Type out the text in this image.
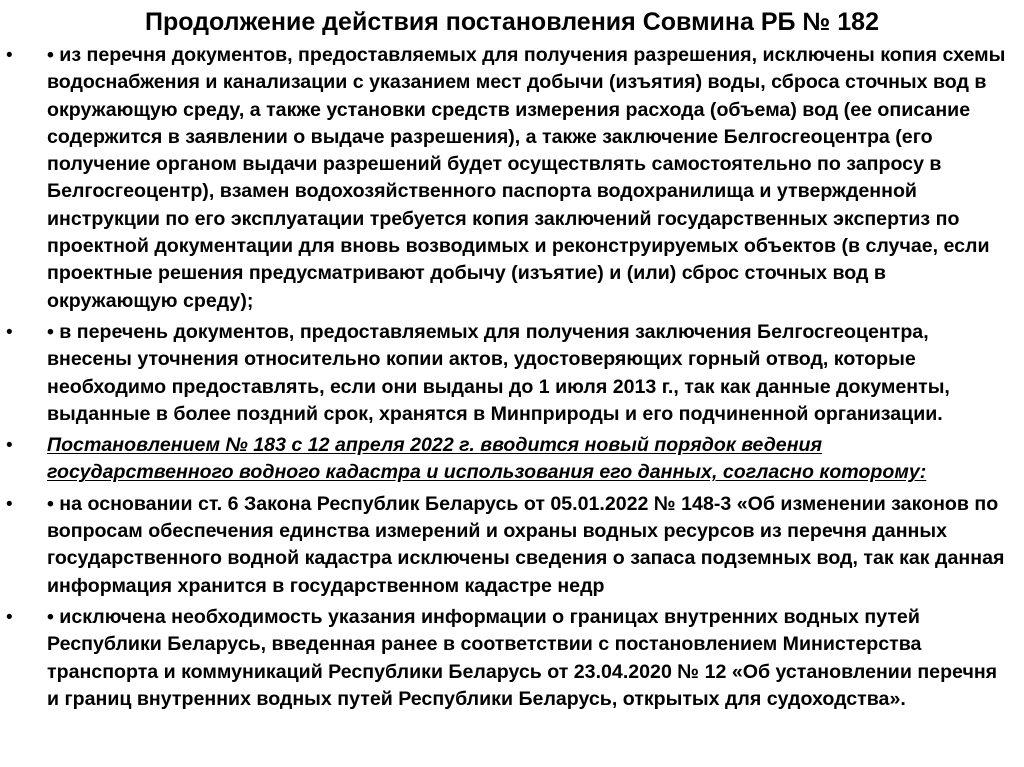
Продолжение действия постановления Совмина РБ № 182
• • из перечня документов, предоставляемых для получения разрешения, исключены копия схемы водоснабжения и канализации с указанием мест добычи (изъятия) воды, сброса сточных вод в окружающую среду, а также установки средств измерения расхода (объема) вод (ее описание содержится в заявлении о выдаче разрешения), а также заключение Белгосгеоцентра (его получение органом выдачи разрешений будет осуществлять самостоятельно по запросу в Белгосгеоцентр), взамен водохозяйственного паспорта водохранилища и утвержденной инструкции по его эксплуатации требуется копия заключений государственных экспертиз по проектной документации для вновь возводимых и реконструируемых объектов (в случае, если проектные решения предусматривают добычу (изъятие) и (или) сброс сточных вод в окружающую среду);
• • в перечень документов, предоставляемых для получения заключения Белгосгеоцентра, внесены уточнения относительно копии актов, удостоверяющих горный отвод, которые необходимо предоставлять, если они выданы до 1 июля 2013 г., так как данные документы, выданные в более поздний срок, хранятся в Минприроды и его подчиненной организации.
• Постановлением № 183 с 12 апреля 2022 г. вводится новый порядок ведения государственного водного кадастра и использования его данных, согласно которому:
• • на основании ст. 6 Закона Республик Беларусь от 05.01.2022 № 148-3 «Об изменении законов по вопросам обеспечения единства измерений и охраны водных ресурсов из перечня данных государственного водной кадастра исключены сведения о запаса подземных вод, так как данная информация хранится в государственном кадастре недр
• • исключена необходимость указания информации о границах внутренних водных путей Республики Беларусь, введенная ранее в соответствии с постановлением Министерства транспорта и коммуникаций Республики Беларусь от 23.04.2020 № 12 «Об установлении перечня и границ внутренних водных путей Республики Беларусь, открытых для судоходства».
